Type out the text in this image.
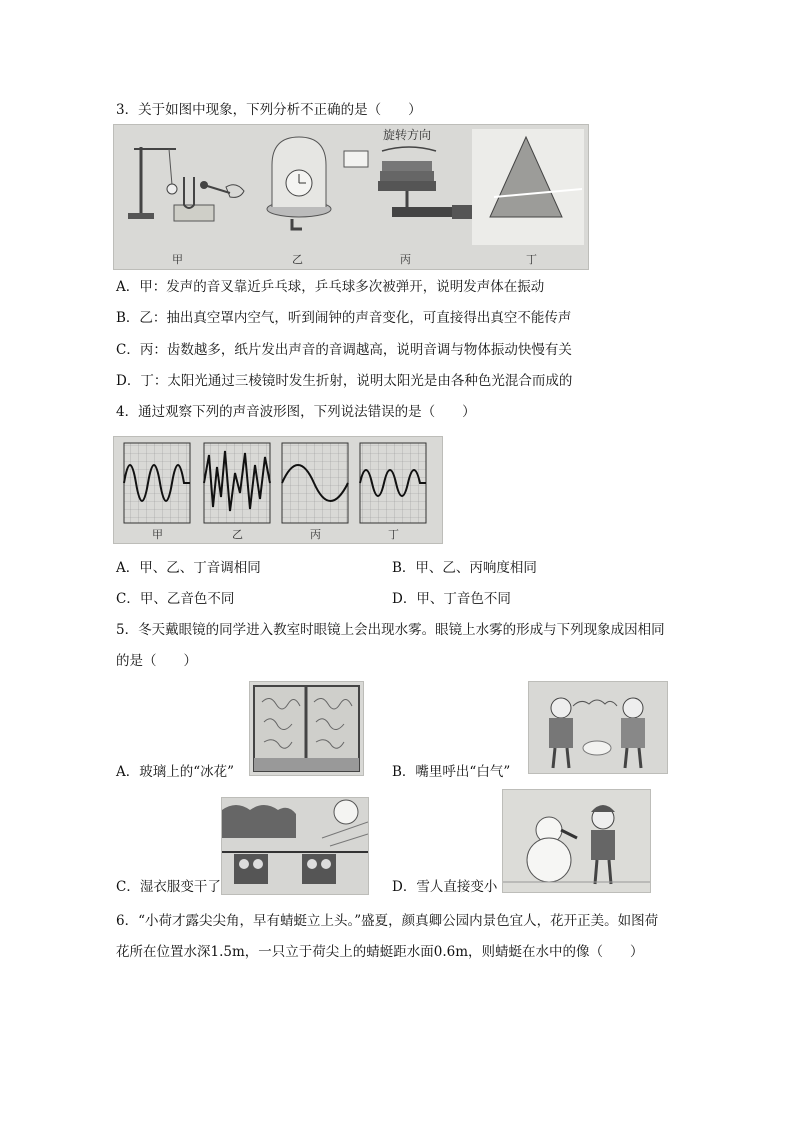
3．关于如图中现象，下列分析不正确的是（　　）
旋转方向
甲	乙	丙	丁
A．甲：发声的音叉靠近乒乓球，乒乓球多次被弹开，说明发声体在振动
B．乙：抽出真空罩内空气，听到闹钟的声音变化，可直接得出真空不能传声
C．丙：齿数越多，纸片发出声音的音调越高，说明音调与物体振动快慢有关
D．丁：太阳光通过三棱镜时发生折射，说明太阳光是由各种色光混合而成的
4．通过观察下列的声音波形图，下列说法错误的是（　　）
甲	乙	丙	丁
A．甲、乙、丁音调相同	B．甲、乙、丙响度相同
C．甲、乙音色不同	D．甲、丁音色不同
5．冬天戴眼镜的同学进入教室时眼镜上会出现水雾。眼镜上水雾的形成与下列现象成因相同
的是（　　）
A．玻璃上的“冰花”	B．嘴里呼出“白气”
C．湿衣服变干了	D．雪人直接变小
6．“小荷才露尖尖角，早有蜻蜓立上头。”盛夏，颜真卿公园内景色宜人，花开正美。如图荷
花所在位置水深1.5m，一只立于荷尖上的蜻蜓距水面0.6m，则蜻蜓在水中的像（　　）
